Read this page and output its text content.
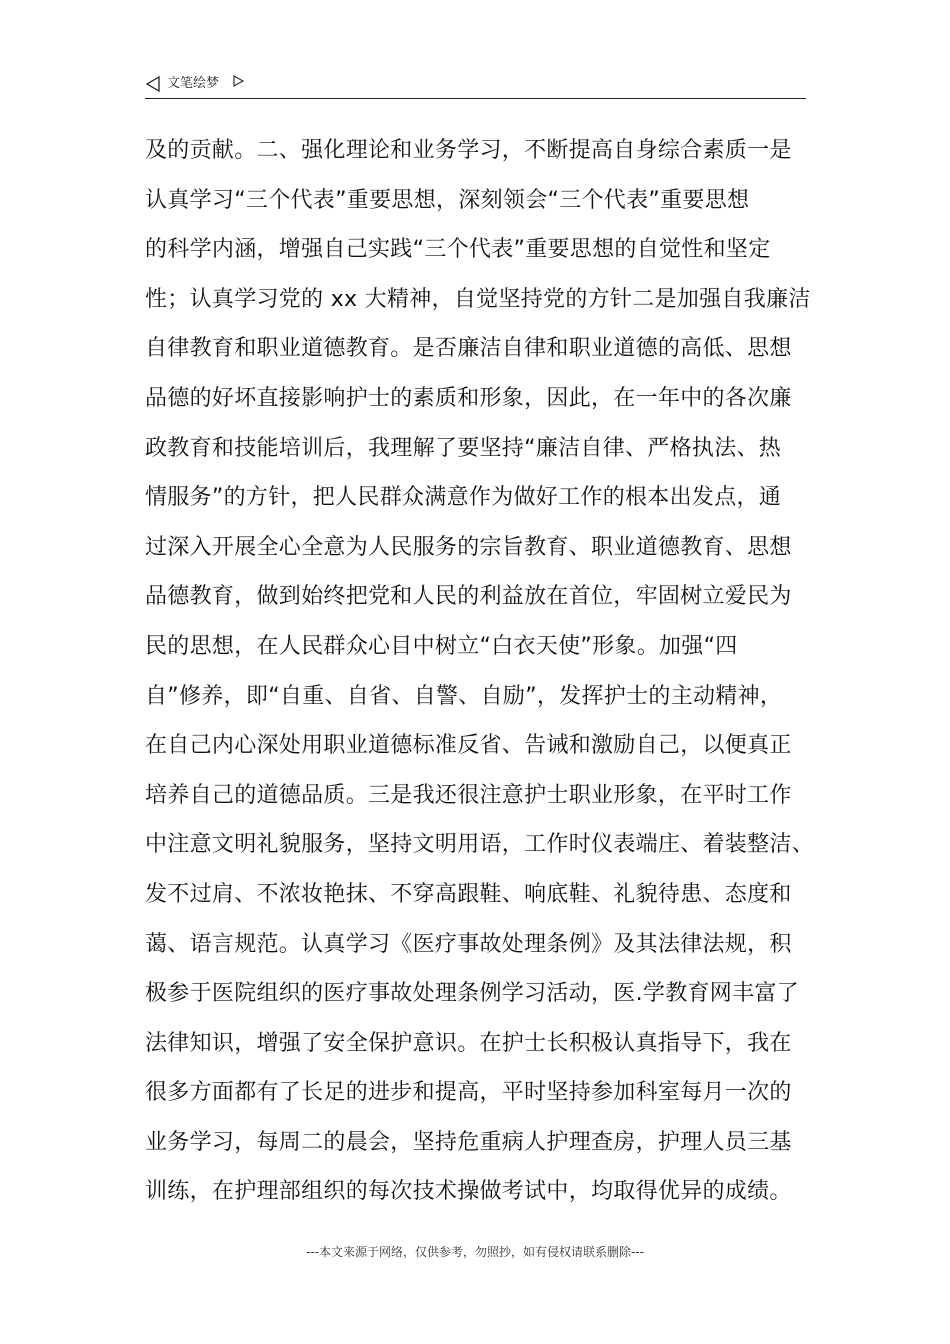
文笔绘梦
及的贡献。二、强化理论和业务学习，不断提高自身综合素质一是
认真学习“三个代表”重要思想，深刻领会“三个代表”重要思想
的科学内涵，增强自己实践“三个代表”重要思想的自觉性和坚定
性；认真学习党的 xx 大精神，自觉坚持党的方针二是加强自我廉洁
自律教育和职业道德教育。是否廉洁自律和职业道德的高低、思想
品德的好坏直接影响护士的素质和形象，因此，在一年中的各次廉
政教育和技能培训后，我理解了要坚持“廉洁自律、严格执法、热
情服务”的方针，把人民群众满意作为做好工作的根本出发点，通
过深入开展全心全意为人民服务的宗旨教育、职业道德教育、思想
品德教育，做到始终把党和人民的利益放在首位，牢固树立爱民为
民的思想，在人民群众心目中树立“白衣天使”形象。加强“四
自”修养，即“自重、自省、自警、自励”，发挥护士的主动精神，
在自己内心深处用职业道德标准反省、告诫和激励自己，以便真正
培养自己的道德品质。三是我还很注意护士职业形象，在平时工作
中注意文明礼貌服务，坚持文明用语，工作时仪表端庄、着装整洁、
发不过肩、不浓妆艳抹、不穿高跟鞋、响底鞋、礼貌待患、态度和
蔼、语言规范。认真学习《医疗事故处理条例》及其法律法规，积
极参于医院组织的医疗事故处理条例学习活动，医.学教育网丰富了
法律知识，增强了安全保护意识。在护士长积极认真指导下，我在
很多方面都有了长足的进步和提高，平时坚持参加科室每月一次的
业务学习，每周二的晨会，坚持危重病人护理查房，护理人员三基
训练，在护理部组织的每次技术操做考试中，均取得优异的成绩。
---本文来源于网络，仅供参考，勿照抄，如有侵权请联系删除---
